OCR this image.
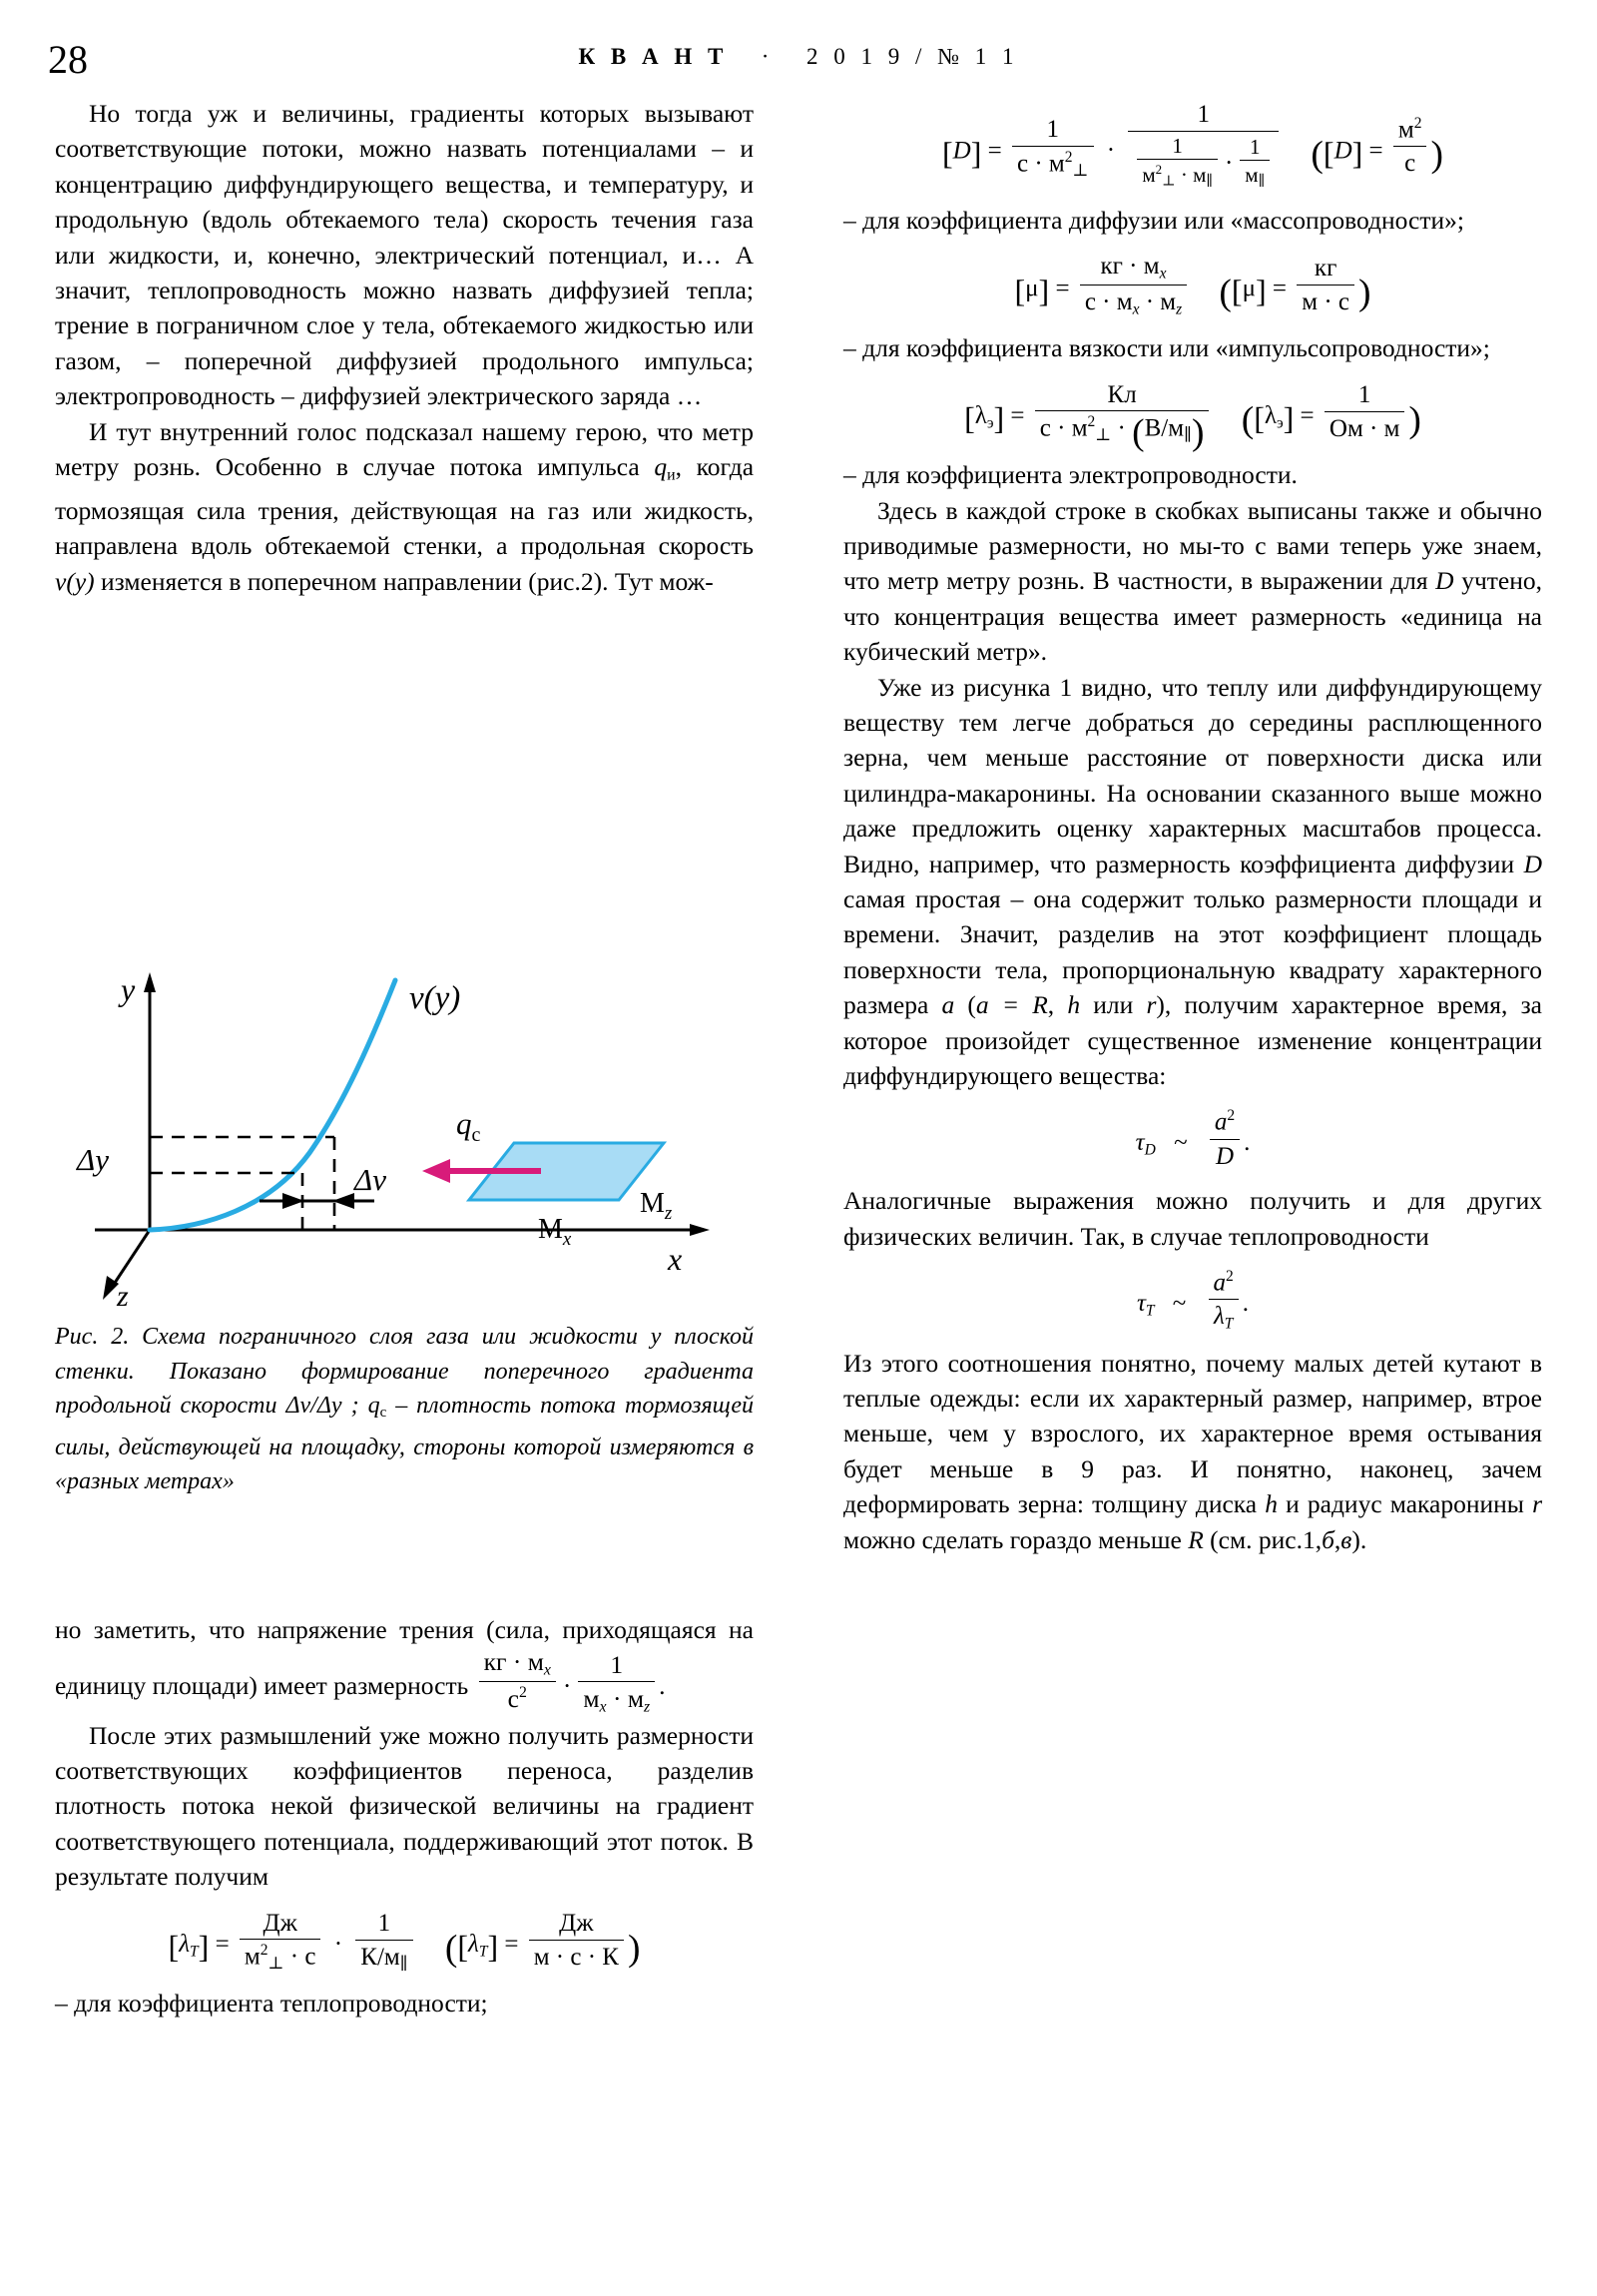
28	К В А Н Т · 2 0 1 9 / № 1 1

Но тогда уж и величины, градиенты которых вызывают соответствующие потоки, можно назвать потенциалами – и концентрацию диффундирующего вещества, и температуру, и продольную (вдоль обтекаемого тела) скорость течения газа или жидкости, и, конечно, электрический потенциал, и… А значит, теплопроводность можно назвать диффузией тепла; трение в пограничном слое у тела, обтекаемого жидкостью или газом, – поперечной диффузией продольного импульса; электропроводность – диффузией электрического заряда …

И тут внутренний голос подсказал нашему герою, что метр метру рознь. Особенно в случае потока импульса $q_и$, когда тормозящая сила трения, действующая на газ или жидкость, направлена вдоль обтекаемой стенки, а продольная скорость v(y) изменяется в поперечном направлении (рис.2). Тут мож-

y
x
z
v(y)
Δy
Δv
$q_с$
$M_z$
$M_x$
Рис. 2. Схема пограничного слоя газа или жидкости у плоской стенки. Показано формирование поперечного градиента продольной скорости Δv/Δy ; $q_с$ – плотность потока тормозящей силы, действующей на площадку, стороны которой измеряются в «разных метрах»

но заметить, что напряжение трения (сила, приходящаяся на единицу площади) имеет размерность $\frac{кг \cdot м_x}{с^2} \cdot \frac{1}{м_x \cdot м_z}$ .

После этих размышлений уже можно получить размерности соответствующих коэффициентов переноса, разделив плотность потока некой физической величины на градиент соответствующего потенциала, поддерживающий этот поток. В результате получим

$[\lambda_T] = \frac{Дж}{м^2_\perp \cdot с} \cdot \frac{1}{К/м_\parallel} ([\lambda_T] = \frac{Дж}{м \cdot с \cdot К}$ )

– для коэффициента теплопроводности;

$[D] = \frac{1}{с \cdot м^2_\perp} \cdot \frac{1}{\frac{1}{м^2_\perp \cdot м_\parallel} \cdot \frac{1}{м_\parallel}} ([D] = \frac{м^2}{с}$ )

– для коэффициента диффузии или «массопроводности»;

$[\mu] = \frac{кг \cdot м_x}{с \cdot м_x \cdot м_z} ([\mu] = \frac{кг}{м \cdot с}$ )

– для коэффициента вязкости или «импульсопроводности»;

$[\lambda_э] = \frac{Кл}{с \cdot м^2_\perp \cdot (В/м_\parallel)} ([\lambda_э] = \frac{1}{Ом \cdot м}$ )

– для коэффициента электропроводности.

Здесь в каждой строке в скобках выписаны также и обычно приводимые размерности, но мы-то с вами теперь уже знаем, что метр метру рознь. В частности, в выражении для D учтено, что концентрация вещества имеет размерность «единица на кубический метр».

Уже из рисунка 1 видно, что теплу или диффундирующему веществу тем легче добраться до середины расплющенного зерна, чем меньше расстояние от поверхности диска или цилиндра-макаронины. На основании сказанного выше можно даже предложить оценку характерных масштабов процесса. Видно, например, что размерность коэффициента диффузии D самая простая – она содержит только размерности площади и времени. Значит, разделив на этот коэффициент площадь поверхности тела, пропорциональную квадрату характерного размера a (a = R, h или r), получим характерное время, за которое произойдет существенное изменение концентрации диффундирующего вещества:

$\tau_D$ ~ $\frac{a^2}{D}$ .

Аналогичные выражения можно получить и для других физических величин. Так, в случае теплопроводности

$\tau_T$ ~ $\frac{a^2}{\lambda_T}$ .

Из этого соотношения понятно, почему малых детей кутают в теплые одежды: если их характерный размер, например, втрое меньше, чем у взрослого, их характерное время остывания будет меньше в 9 раз. И понятно, наконец, зачем деформировать зерна: толщину диска h и радиус макаронины r можно сделать гораздо меньше R (см. рис.1,б,в).
